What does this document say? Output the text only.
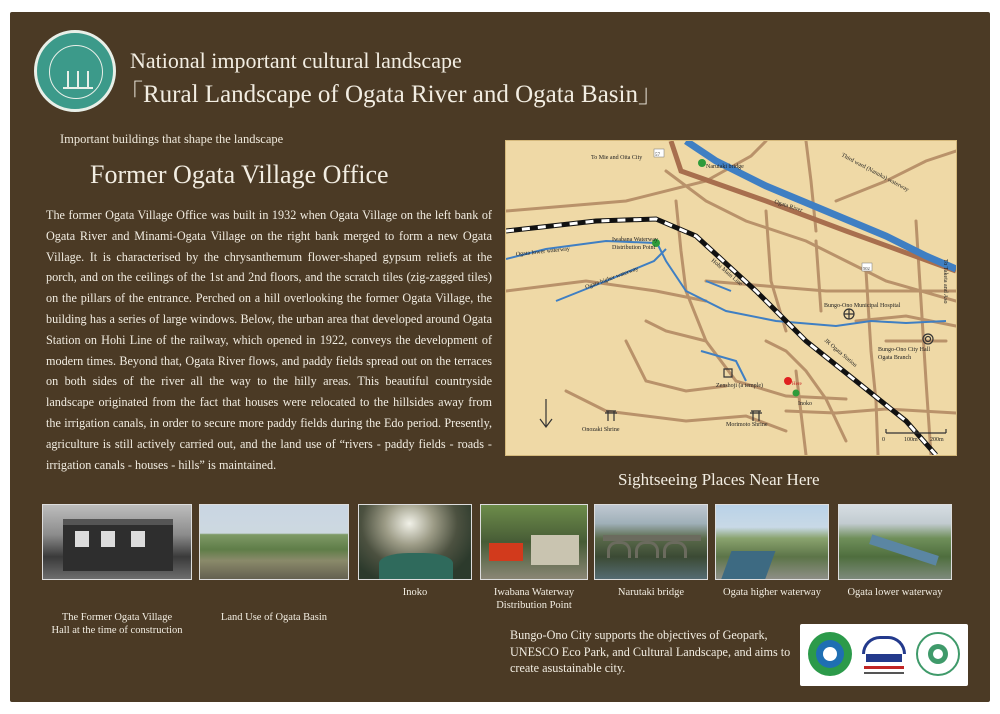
National important cultural landscape
「Rural Landscape of Ogata River and Ogata Basin」
Important buildings that shape the landscape
Former Ogata Village Office
The former Ogata Village Office was built in 1932 when Ogata Village on the left bank of Ogata River and Minami-Ogata Village on the right bank merged to form a new Ogata Village. It is characterised by the chrysanthemum flower-shaped gypsum reliefs at the porch, and on the ceilings of the 1st and 2nd floors, and the scratch tiles (zig-zagged tiles) on the pillars of the entrance. Perched on a hill overlooking the former Ogata Village, the building has a series of large windows. Below, the urban area that developed around Ogata Station on Hohi Line of the railway, which opened in 1922, conveys the development of modern times. Beyond that, Ogata River flows, and paddy fields spread out on the terraces on both sides of the river all the way to the hilly areas. This beautiful countryside landscape originated from the fact that houses were relocated to the hillsides away from the irrigation canals, in order to secure more paddy fields during the Edo period. Presently, agriculture is still actively carried out, and the land use of “rivers - paddy fields - roads - irrigation canals - houses - hills” is maintained.
57
502
To Mie and Oita City
Narutaki bridge
Ogata River
Third ward (Nanuka) waterway
To Taketa and Aso
Ogata lower waterway
Iwabana Waterway
Distribution Point
Ogata higher waterway	Hohi Main Line
Bungo-Ono Municipal Hospital
Bungo-Ono City Hall
Ogata Branch
JR Ogata Station
Here
Inoko
Zenshoji (a temple)
Morimoto Shrine
Onozaki Shrine
0	100m 200m
Sightseeing Places Near Here
The Former Ogata Village
Hall at the time of construction
Land Use of Ogata Basin
Inoko	Iwabana Waterway
Distribution Point
Narutaki bridge	Ogata higher waterway	Ogata lower waterway
Bungo-Ono City supports the objectives of Geopark, UNESCO Eco Park, and Cultural Landscape, and aims to create asustainable city.
